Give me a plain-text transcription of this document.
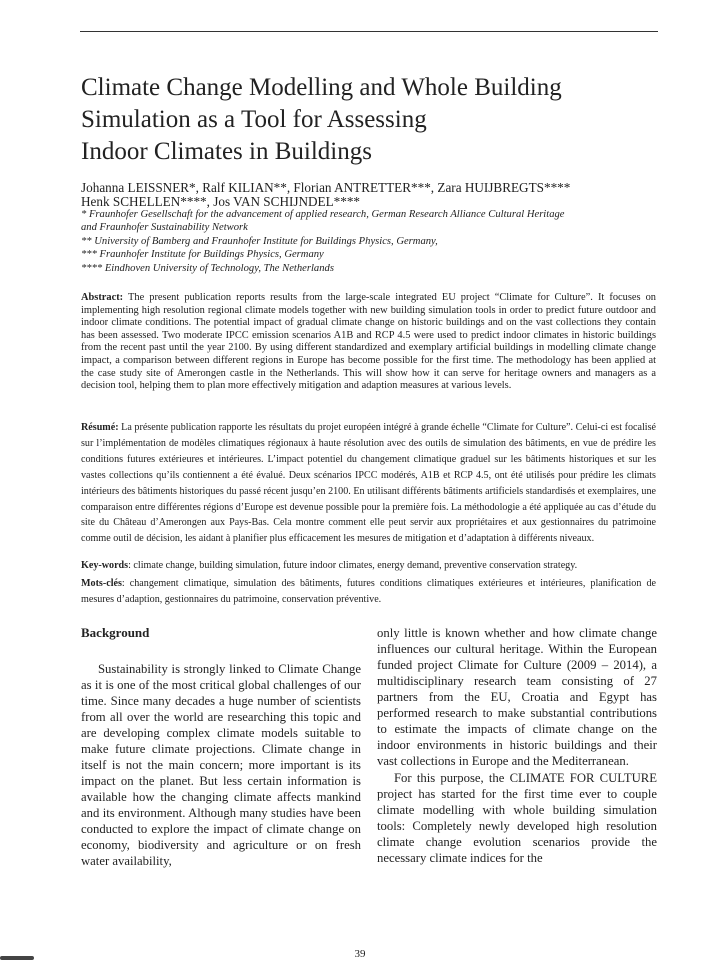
Climate Change Modelling and Whole Building
Simulation as a Tool for Assessing
Indoor Climates in Buildings
Johanna LEISSNER*, Ralf KILIAN**, Florian ANTRETTER***, Zara HUIJBREGTS****
Henk SCHELLEN****, Jos VAN SCHIJNDEL****
* Fraunhofer Gesellschaft for the advancement of applied research, German Research Alliance Cultural Heritage
and Fraunhofer Sustainability Network
** University of Bamberg and Fraunhofer Institute for Buildings Physics, Germany,
*** Fraunhofer Institute for Buildings Physics, Germany
**** Eindhoven University of Technology, The Netherlands

Abstract: The present publication reports results from the large-scale integrated EU project “Climate for Culture”. It focuses on implementing high resolution regional climate models together with new building simulation tools in order to predict future outdoor and indoor climate conditions. The potential impact of gradual climate change on historic buildings and on the vast collections they contain has been assessed. Two moderate IPCC emission scenarios A1B and RCP 4.5 were used to predict indoor climates in historic buildings from the recent past until the year 2100. By using different standardized and exemplary artificial buildings in modelling climate change impact, a comparison between different regions in Europe has become possible for the first time. The methodology has been applied at the case study site of Amerongen castle in the Netherlands. This will show how it can serve for heritage owners and managers as a decision tool, helping them to plan more effectively mitigation and adaption measures at various levels.

Résumé: La présente publication rapporte les résultats du projet européen intégré à grande échelle “Climate for Culture”. Celui-ci est focalisé sur l’implémentation de modèles climatiques régionaux à haute résolution avec des outils de simulation des bâtiments, en vue de prédire les conditions futures extérieures et intérieures. L’impact potentiel du changement climatique graduel sur les bâtiments historiques et sur les vastes collections qu’ils contiennent a été évalué. Deux scénarios IPCC modérés, A1B et RCP 4.5, ont été utilisés pour prédire les climats intérieurs des bâtiments historiques du passé récent jusqu’en 2100. En utilisant différents bâtiments artificiels standardisés et exemplaires, une comparaison entre différentes régions d’Europe est devenue possible pour la première fois. La méthodologie a été appliquée au cas d’étude du site du Château d’Amerongen aux Pays-Bas. Cela montre comment elle peut servir aux propriétaires et aux gestionnaires du patrimoine comme outil de décision, les aidant à planifier plus efficacement les mesures de mitigation et d’adaptation à différents niveaux.

Key-words: climate change, building simulation, future indoor climates, energy demand, preventive conservation strategy.

Mots-clés: changement climatique, simulation des bâtiments, futures conditions climatiques extérieures et intérieures, planification de mesures d’adaption, gestionnaires du patrimoine, conservation préventive.

Background

Sustainability is strongly linked to Climate Change as it is one of the most critical global challenges of our time. Since many decades a huge number of scientists from all over the world are researching this topic and are developing complex climate models suitable to make future climate projections. Climate change in itself is not the main concern; more important is its impact on the planet. But less certain information is available how the changing climate affects mankind and its environment. Although many studies have been conducted to explore the impact of climate change on economy, biodiversity and agriculture or on fresh water availability,

only little is known whether and how climate change influences our cultural heritage. Within the European funded project Climate for Culture (2009 – 2014), a multidisciplinary research team consisting of 27 partners from the EU, Croatia and Egypt has performed research to make substantial contributions to estimate the impacts of climate change on the indoor environments in historic buildings and their vast collections in Europe and the Mediterranean.

For this purpose, the CLIMATE FOR CULTURE project has started for the first time ever to couple climate modelling with whole building simulation tools: Completely newly developed high resolution climate change evolution scenarios provide the necessary climate indices for the

39
